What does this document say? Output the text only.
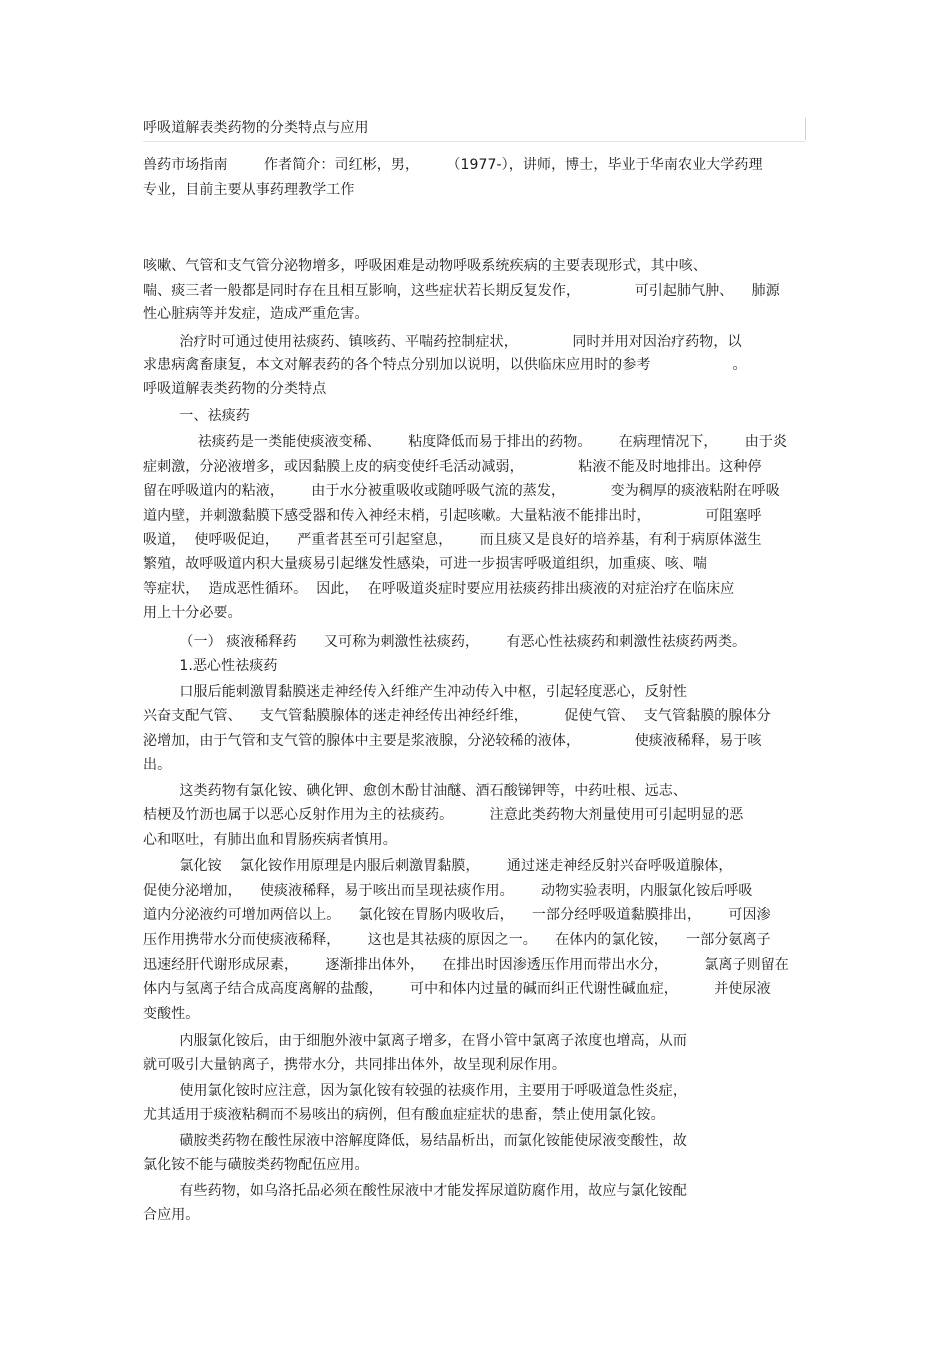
呼吸道解表类药物的分类特点与应用
兽药市场指南        作者简介：司红彬，男，      （1977-），讲师，博士，毕业于华南农业大学药理
专业，目前主要从事药理教学工作
咳嗽、气管和支气管分泌物增多，呼吸困难是动物呼吸系统疾病的主要表现形式，其中咳、
喘、痰三者一般都是同时存在且相互影响，这些症状若长期反复发作，            可引起肺气肿、    肺源
性心脏病等并发症，造成严重危害。
治疗时可通过使用祛痰药、镇咳药、平喘药控制症状，            同时并用对因治疗药物，以
求患病禽畜康复，本文对解表药的各个特点分别加以说明，以供临床应用时的参考                  。
呼吸道解表类药物的分类特点
一、祛痰药
祛痰药是一类能使痰液变稀、      粘度降低而易于排出的药物。      在病理情况下，      由于炎
症刺激，分泌液增多，或因黏膜上皮的病变使纤毛活动减弱，            粘液不能及时地排出。这种停
留在呼吸道内的粘液，      由于水分被重吸收或随呼吸气流的蒸发，          变为稠厚的痰液粘附在呼吸
道内壁，并刺激黏膜下感受器和传入神经末梢，引起咳嗽。大量粘液不能排出时，            可阻塞呼
吸道，  使呼吸促迫，    严重者甚至可引起窒息，      而且痰又是良好的培养基，有利于病原体滋生
繁殖，故呼吸道内积大量痰易引起继发性感染，可进一步损害呼吸道组织，加重痰、咳、喘
等症状，  造成恶性循环。  因此，  在呼吸道炎症时要应用祛痰药排出痰液的对症治疗在临床应
用上十分必要。
（一） 痰液稀释药      又可称为刺激性祛痰药，      有恶心性祛痰药和刺激性祛痰药两类。
1.恶心性祛痰药
口服后能刺激胃黏膜迷走神经传入纤维产生冲动传入中枢，引起轻度恶心，反射性
兴奋支配气管、    支气管黏膜腺体的迷走神经传出神经纤维，        促使气管、  支气管黏膜的腺体分
泌增加，由于气管和支气管的腺体中主要是浆液腺，分泌较稀的液体，            使痰液稀释，易于咳
出。
这类药物有氯化铵、碘化钾、愈创木酚甘油醚、酒石酸锑钾等，中药吐根、远志、
桔梗及竹沥也属于以恶心反射作用为主的祛痰药。        注意此类药物大剂量使用可引起明显的恶
心和呕吐，有肺出血和胃肠疾病者慎用。
氯化铵    氯化铵作用原理是内服后刺激胃黏膜，      通过迷走神经反射兴奋呼吸道腺体，
促使分泌增加，    使痰液稀释，易于咳出而呈现祛痰作用。      动物实验表明，内服氯化铵后呼吸
道内分泌液约可增加两倍以上。    氯化铵在胃肠内吸收后，    一部分经呼吸道黏膜排出，      可因渗
压作用携带水分而使痰液稀释，      这也是其祛痰的原因之一。    在体内的氯化铵，    一部分氨离子
迅速经肝代谢形成尿素，      逐渐排出体外，    在排出时因渗透压作用而带出水分，        氯离子则留在
体内与氢离子结合成高度离解的盐酸，      可中和体内过量的碱而纠正代谢性碱血症，        并使尿液
变酸性。
内服氯化铵后，由于细胞外液中氯离子增多，在肾小管中氯离子浓度也增高，从而
就可吸引大量钠离子，携带水分，共同排出体外，故呈现利尿作用。
使用氯化铵时应注意，因为氯化铵有较强的祛痰作用，主要用于呼吸道急性炎症，
尤其适用于痰液粘稠而不易咳出的病例，但有酸血症症状的患畜，禁止使用氯化铵。
磺胺类药物在酸性尿液中溶解度降低，易结晶析出，而氯化铵能使尿液变酸性，故
氯化铵不能与磺胺类药物配伍应用。
有些药物，如乌洛托品必须在酸性尿液中才能发挥尿道防腐作用，故应与氯化铵配
合应用。
